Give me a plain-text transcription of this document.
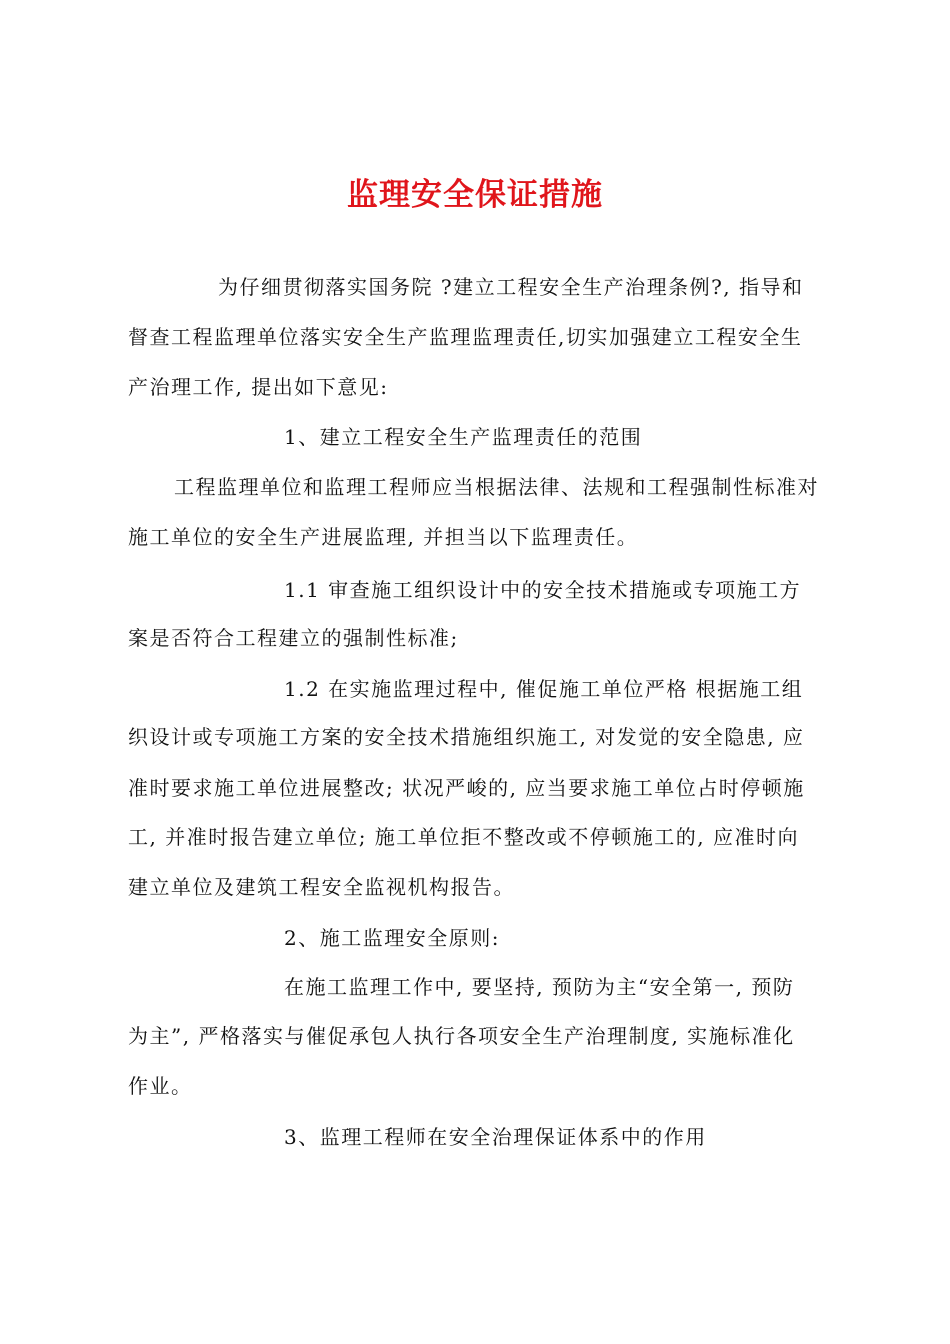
监理安全保证措施
为仔细贯彻落实国务院 ?建立工程安全生产治理条例?, 指导和
督查工程监理单位落实安全生产监理监理责任,切实加强建立工程安全生
产治理工作, 提出如下意见:
1、建立工程安全生产监理责任的范围
工程监理单位和监理工程师应当根据法律、法规和工程强制性标准对
施工单位的安全生产进展监理, 并担当以下监理责任。
1.1 审查施工组织设计中的安全技术措施或专项施工方
案是否符合工程建立的强制性标准;
1.2 在实施监理过程中, 催促施工单位严格 根据施工组
织设计或专项施工方案的安全技术措施组织施工, 对发觉的安全隐患, 应
准时要求施工单位进展整改; 状况严峻的, 应当要求施工单位占时停顿施
工, 并准时报告建立单位; 施工单位拒不整改或不停顿施工的, 应准时向
建立单位及建筑工程安全监视机构报告。
2、施工监理安全原则:
在施工监理工作中, 要坚持, 预防为主“安全第一, 预防
为主”, 严格落实与催促承包人执行各项安全生产治理制度, 实施标准化
作业。
3、监理工程师在安全治理保证体系中的作用
